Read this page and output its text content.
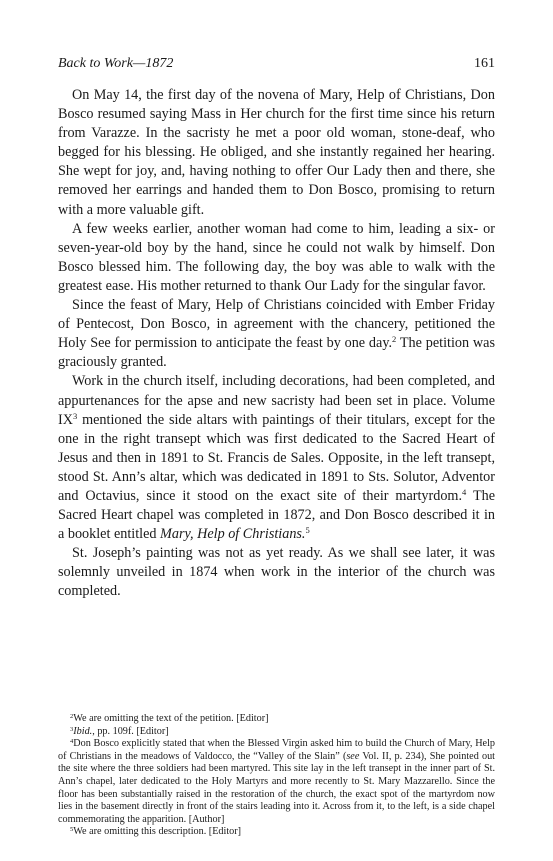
Back to Work—1872	161

On May 14, the first day of the novena of Mary, Help of Christians, Don Bosco resumed saying Mass in Her church for the first time since his return from Varazze. In the sacristy he met a poor old woman, stone-deaf, who begged for his blessing. He obliged, and she instantly regained her hearing. She wept for joy, and, having nothing to offer Our Lady then and there, she removed her earrings and handed them to Don Bosco, promising to return with a more valuable gift.

A few weeks earlier, another woman had come to him, leading a six- or seven-year-old boy by the hand, since he could not walk by himself. Don Bosco blessed him. The following day, the boy was able to walk with the greatest ease. His mother returned to thank Our Lady for the singular favor.

Since the feast of Mary, Help of Christians coincided with Ember Friday of Pentecost, Don Bosco, in agreement with the chancery, petitioned the Holy See for permission to anticipate the feast by one day.$^2$ The petition was graciously granted.

Work in the church itself, including decorations, had been completed, and appurtenances for the apse and new sacristy had been set in place. Volume $IX^3$ mentioned the side altars with paintings of their titulars, except for the one in the right transept which was first dedicated to the Sacred Heart of Jesus and then in 1891 to St. Francis de Sales. Opposite, in the left transept, stood St. Ann’s altar, which was dedicated in 1891 to Sts. Solutor, Adventor and Octavius, since it stood on the exact site of their martyrdom.$^4$ The Sacred Heart chapel was completed in 1872, and Don Bosco described it in a booklet entitled Mary, Help of Christians.$^5$

St. Joseph’s painting was not as yet ready. As we shall see later, it was solemnly unveiled in 1874 when work in the interior of the church was completed.

$^2$We are omitting the text of the petition. [Editor]

$^3$Ibid., pp. 109f. [Editor]

$^4$Don Bosco explicitly stated that when the Blessed Virgin asked him to build the Church of Mary, Help of Christians in the meadows of Valdocco, the “Valley of the Slain” (see Vol. II, p. 234), She pointed out the site where the three soldiers had been martyred. This site lay in the left transept in the inner part of St. Ann’s chapel, later dedicated to the Holy Martyrs and more recently to St. Mary Mazzarello. Since the floor has been substantially raised in the restoration of the church, the exact spot of the martyrdom now lies in the basement directly in front of the stairs leading into it. Across from it, to the left, is a side chapel commemorating the apparition. [Author]

$^5$We are omitting this description. [Editor]
